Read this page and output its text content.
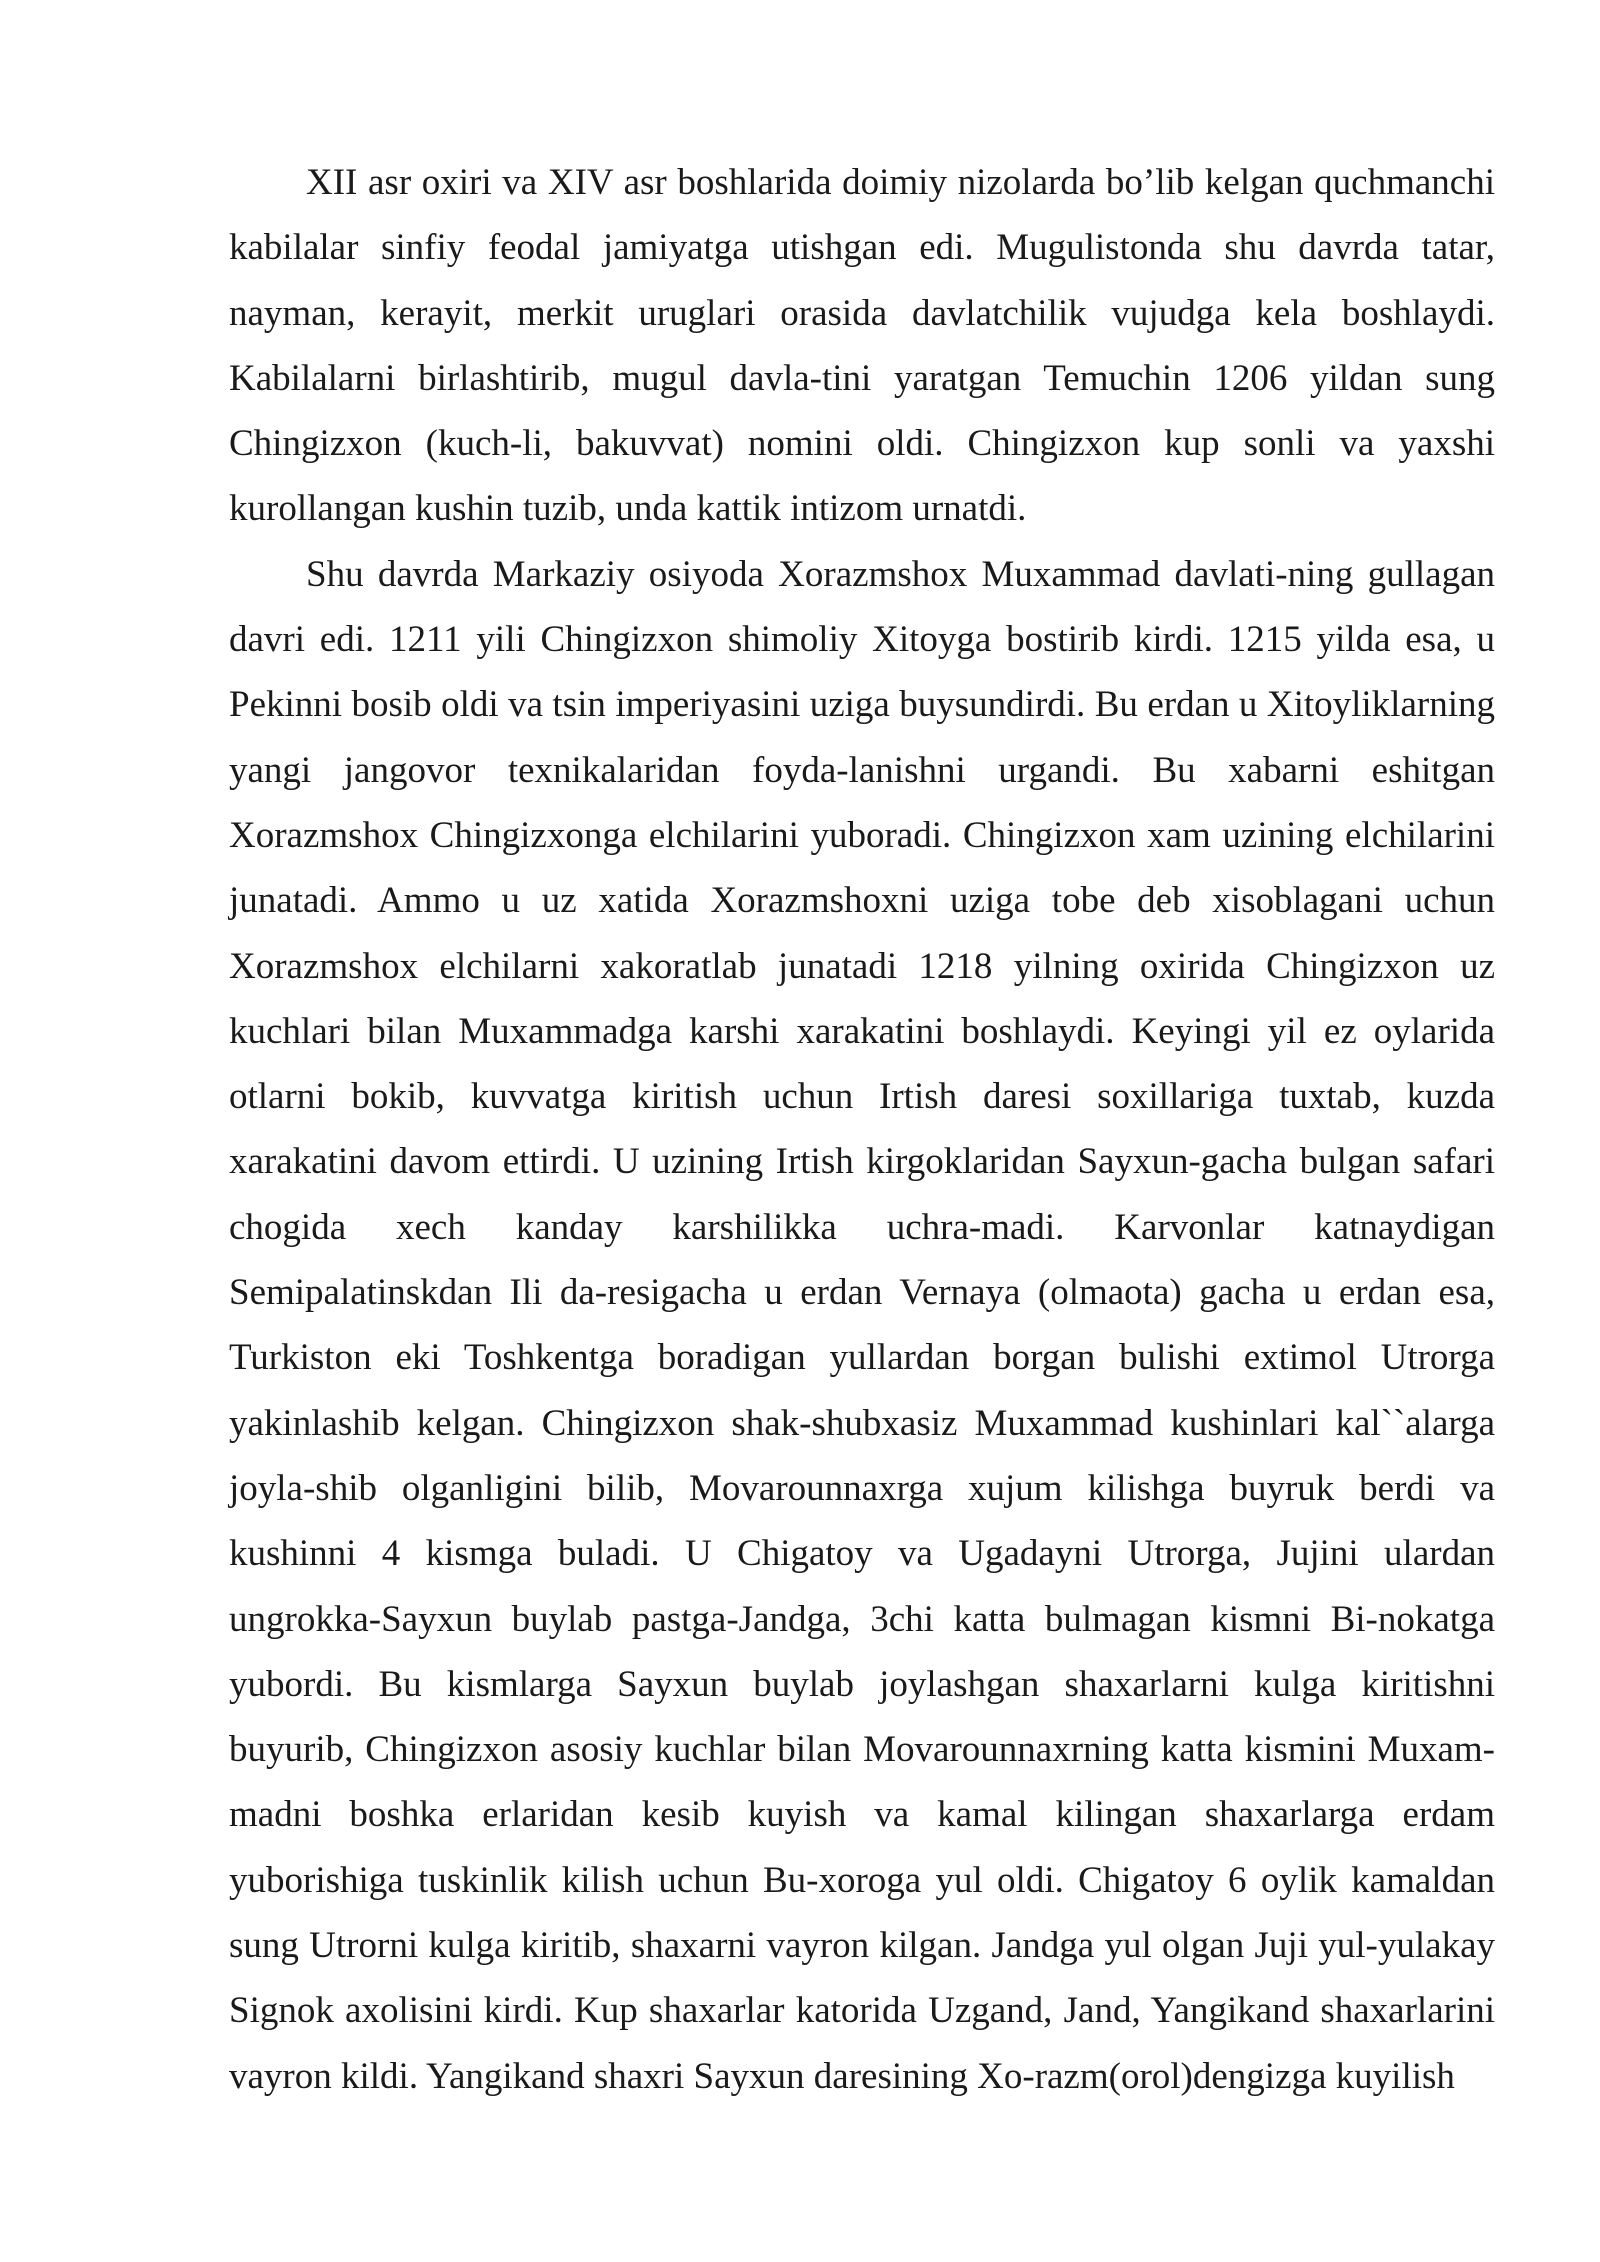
XII asr oxiri va XIV asr boshlarida doimiy nizolarda bo’lib kelgan quchmanchi kabilalar sinfiy feodal jamiyatga utishgan edi. Mugulistonda shu davrda tatar, nayman, kerayit, merkit uruglari orasida davlatchilik vujudga kela boshlaydi. Kabilalarni birlashtirib, mugul davla-tini yaratgan Temuchin 1206 yildan sung Chingizxon (kuch-li, bakuvvat) nomini oldi. Chingizxon kup sonli va yaxshi kurollangan kushin tuzib, unda kattik intizom urnatdi.

Shu davrda Markaziy osiyoda Xorazmshox Muxammad davlati-ning gullagan davri edi. 1211 yili Chingizxon shimoliy Xitoyga bostirib kirdi. 1215 yilda esa, u Pekinni bosib oldi va tsin imperiyasini uziga buysundirdi. Bu erdan u Xitoyliklarning yangi jangovor texnikalaridan foyda-lanishni urgandi. Bu xabarni eshitgan Xorazmshox Chingizxonga elchilarini yuboradi. Chingizxon xam uzining elchilarini junatadi. Ammo u uz xatida Xorazmshoxni uziga tobe deb xisoblagani uchun Xorazmshox elchilarni xakoratlab junatadi 1218 yilning oxirida Chingizxon uz kuchlari bilan Muxammadga karshi xarakatini boshlaydi. Keyingi yil ez oylarida otlarni bokib, kuvvatga kiritish uchun Irtish daresi soxillariga tuxtab, kuzda xarakatini davom ettirdi. U uzining Irtish kirgoklaridan Sayxun-gacha bulgan safari chogida xech kanday karshilikka uchra-madi. Karvonlar katnaydigan Semipalatinskdan Ili da-resigacha u erdan Vernaya (olmaota) gacha u erdan esa, Turkiston eki Toshkentga boradigan yullardan borgan bulishi extimol Utrorga yakinlashib kelgan. Chingizxon shak-shubxasiz Muxammad kushinlari kal``alarga joyla-shib olganligini bilib, Movarounnaxrga xujum kilishga buyruk berdi va kushinni 4 kismga buladi. U Chigatoy va Ugadayni Utrorga, Jujini ulardan ungrokka-Sayxun buylab pastga-Jandga, 3chi katta bulmagan kismni Bi-nokatga yubordi. Bu kismlarga Sayxun buylab joylashgan shaxarlarni kulga kiritishni buyurib, Chingizxon asosiy kuchlar bilan Movarounnaxrning katta kismini Muxam-madni boshka erlaridan kesib kuyish va kamal kilingan shaxarlarga erdam yuborishiga tuskinlik kilish uchun Bu-xoroga yul oldi. Chigatoy 6 oylik kamaldan sung Utrorni kulga kiritib, shaxarni vayron kilgan. Jandga yul olgan Juji yul-yulakay Signok axolisini kirdi. Kup shaxarlar katorida Uzgand, Jand, Yangikand shaxarlarini vayron kildi. Yangikand shaxri Sayxun daresining Xo-razm(orol)dengizga kuyilish
